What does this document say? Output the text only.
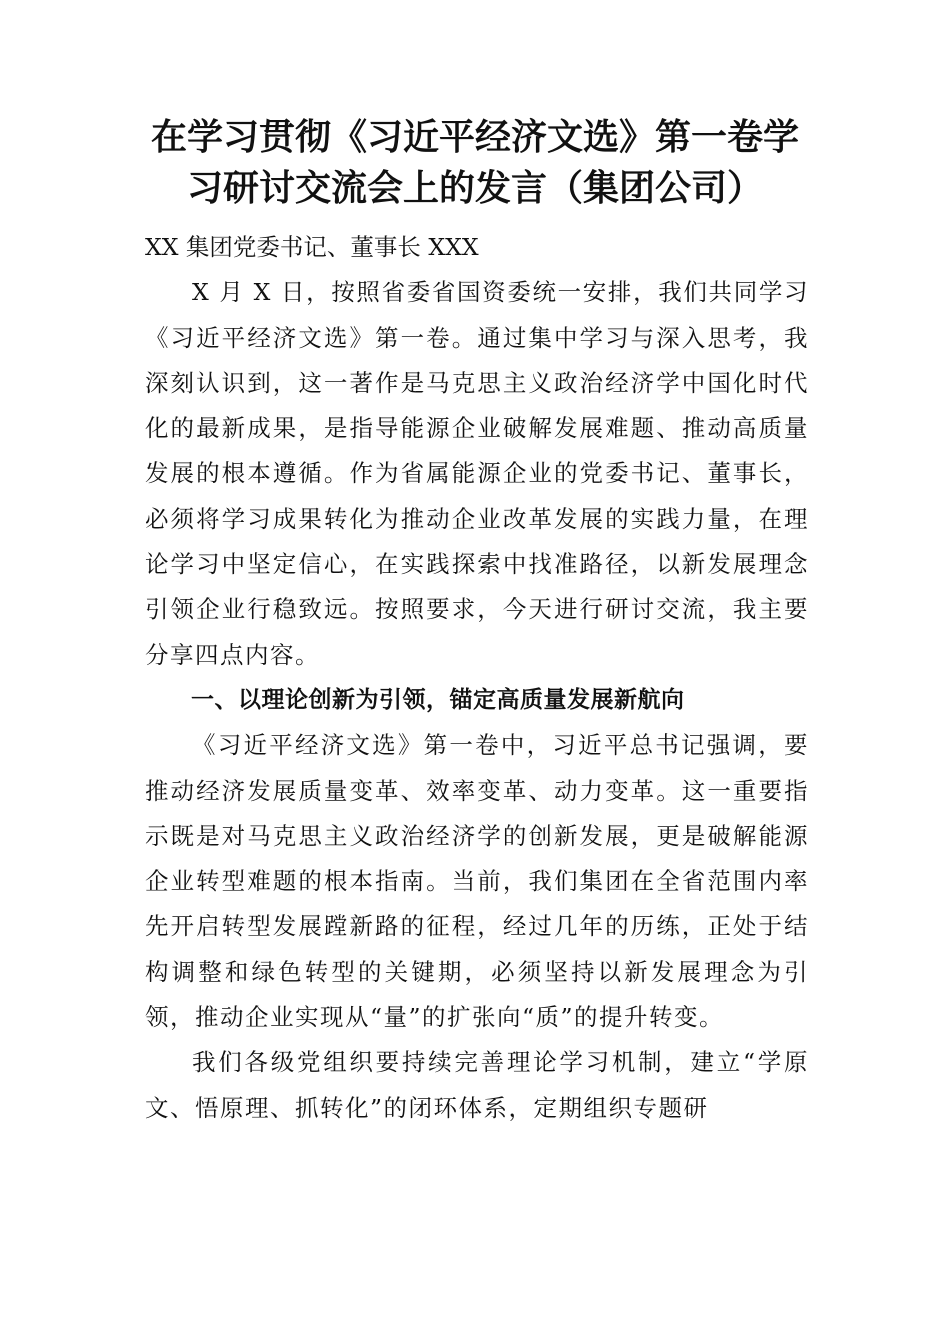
在学习贯彻《习近平经济文选》第一卷学
习研讨交流会上的发言（集团公司）

XX 集团党委书记、董事长 XXX

X 月 X 日，按照省委省国资委统一安排，我们共同学习《习近平经济文选》第一卷。通过集中学习与深入思考，我深刻认识到，这一著作是马克思主义政治经济学中国化时代化的最新成果，是指导能源企业破解发展难题、推动高质量发展的根本遵循。作为省属能源企业的党委书记、董事长，必须将学习成果转化为推动企业改革发展的实践力量，在理论学习中坚定信心，在实践探索中找准路径，以新发展理念引领企业行稳致远。按照要求，今天进行研讨交流，我主要分享四点内容。

一、以理论创新为引领，锚定高质量发展新航向

《习近平经济文选》第一卷中，习近平总书记强调，要推动经济发展质量变革、效率变革、动力变革。这一重要指示既是对马克思主义政治经济学的创新发展，更是破解能源企业转型难题的根本指南。当前，我们集团在全省范围内率先开启转型发展蹚新路的征程，经过几年的历练，正处于结构调整和绿色转型的关键期，必须坚持以新发展理念为引领，推动企业实现从“量”的扩张向“质”的提升转变。

我们各级党组织要持续完善理论学习机制，建立“学原文、悟原理、抓转化”的闭环体系，定期组织专题研
